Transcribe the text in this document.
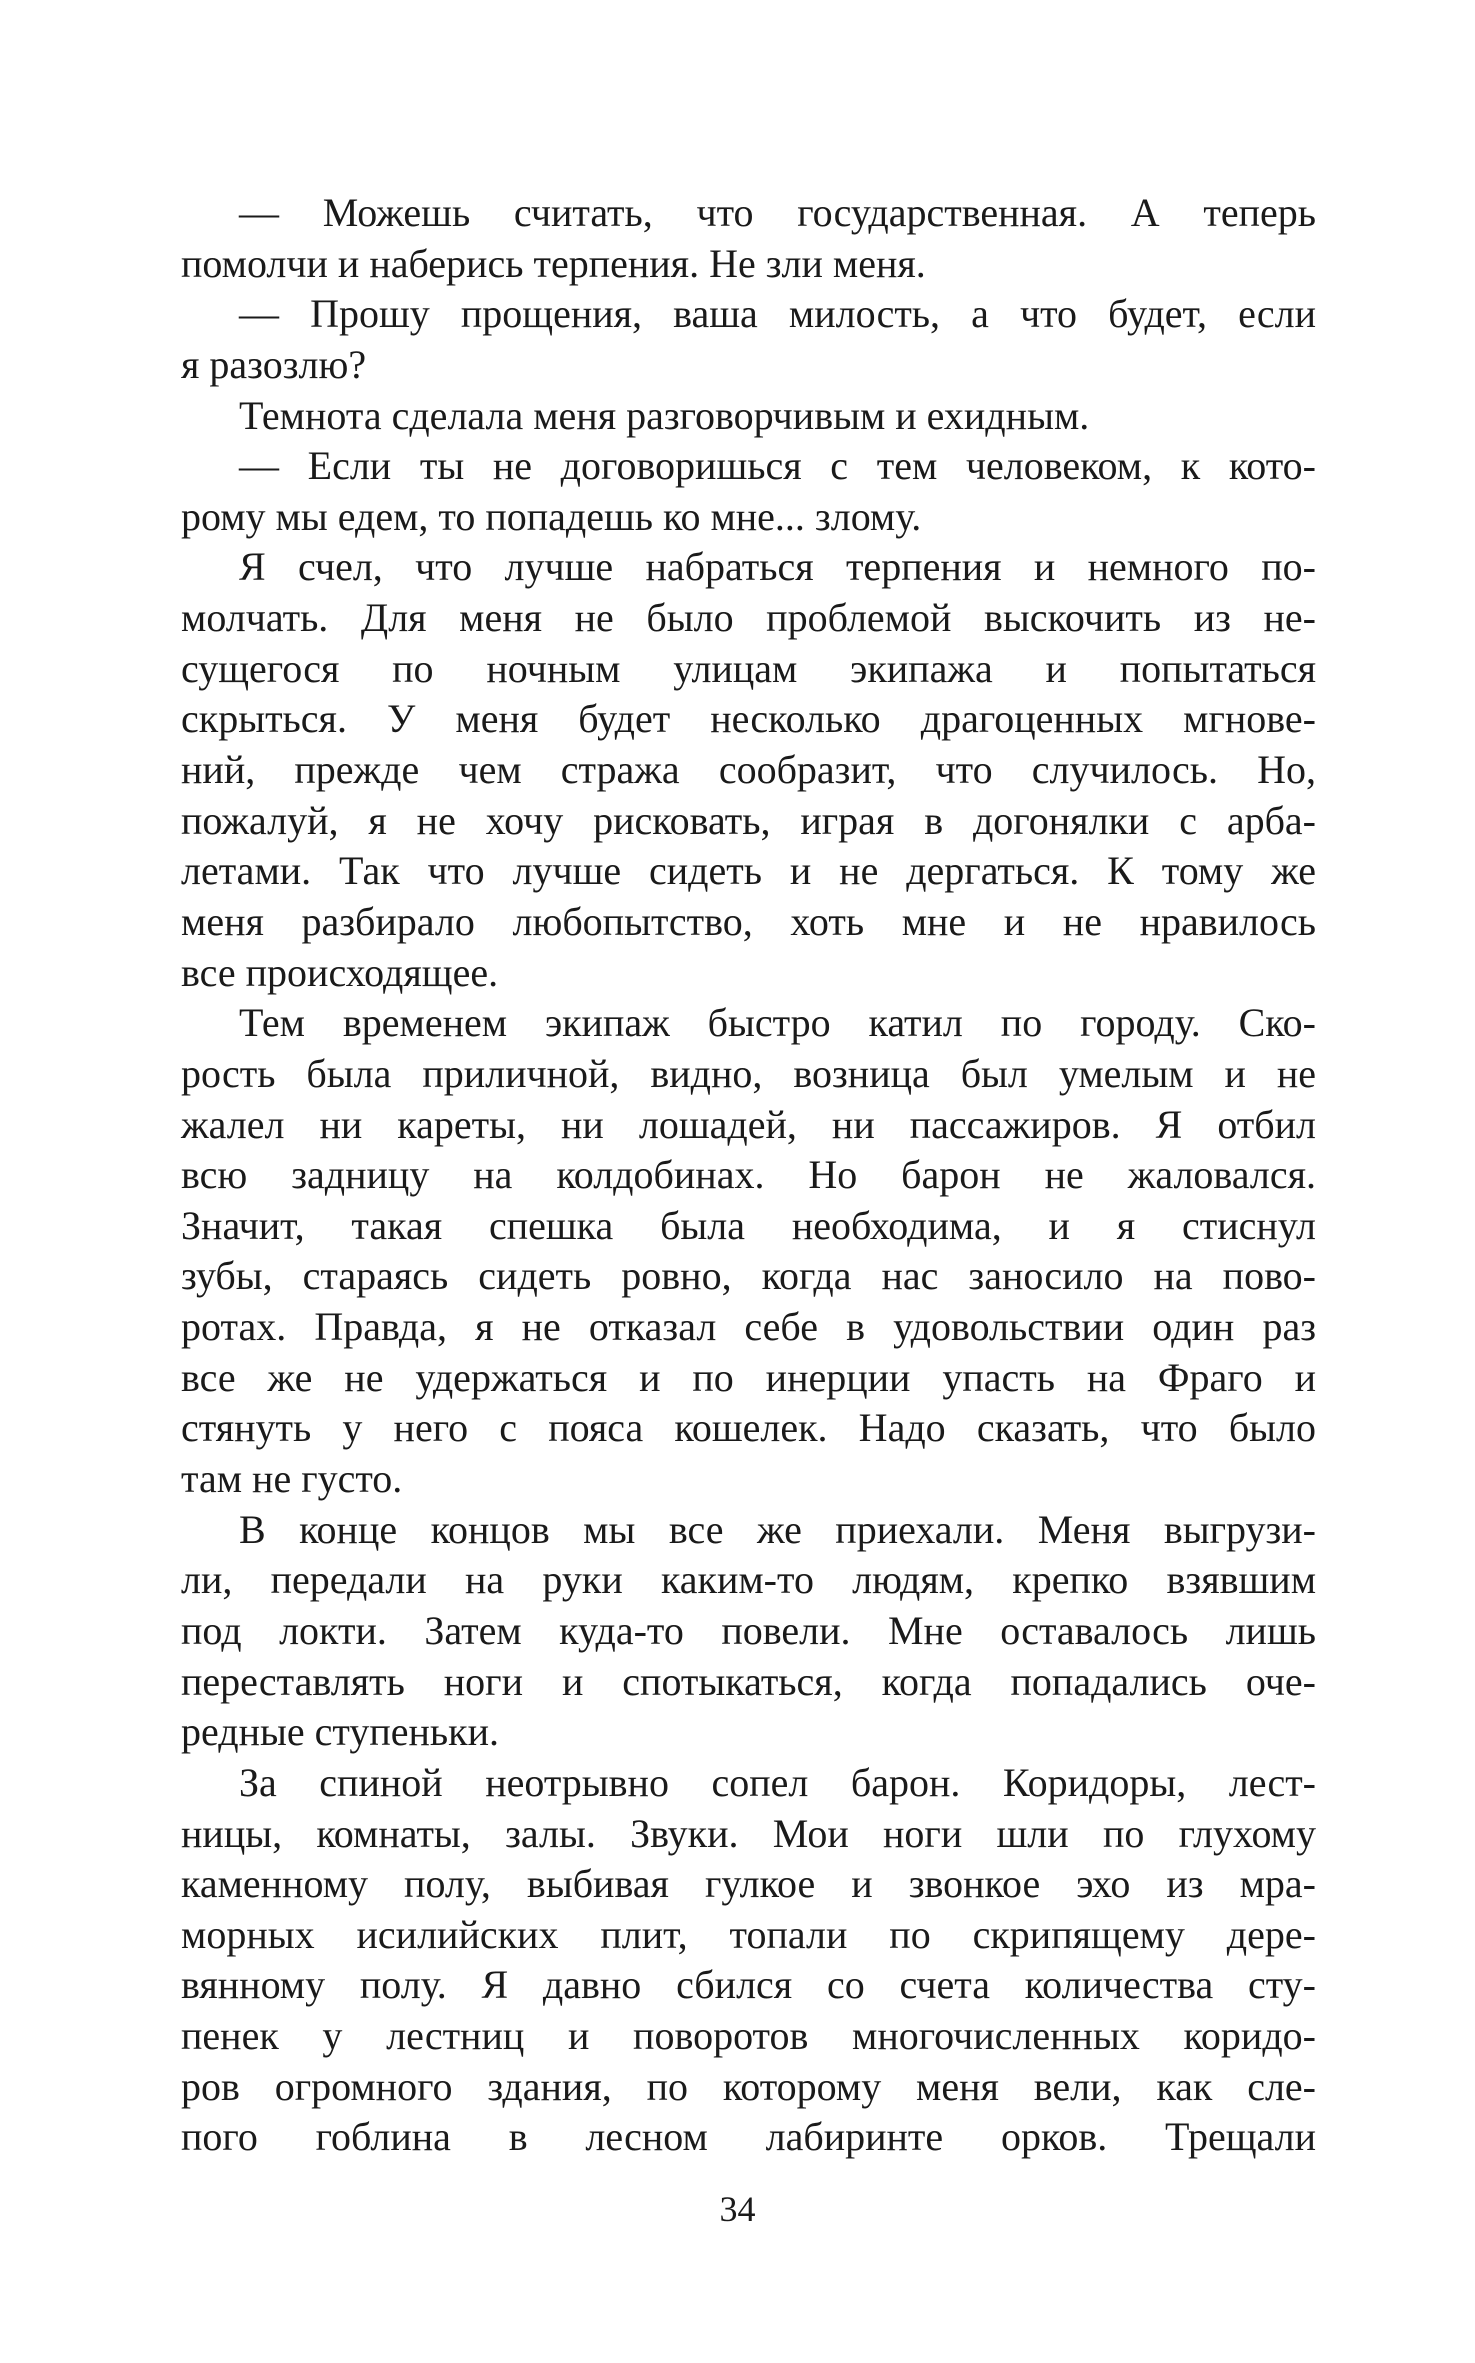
— Можешь считать, что государственная. А теперь
помолчи и наберись терпения. Не зли меня.
— Прошу прощения, ваша милость, а что будет, если
я разозлю?
Темнота сделала меня разговорчивым и ехидным.
— Если ты не договоришься с тем человеком, к кото-
рому мы едем, то попадешь ко мне... злому.
Я счел, что лучше набраться терпения и немного по-
молчать. Для меня не было проблемой выскочить из не-
сущегося по ночным улицам экипажа и попытаться
скрыться. У меня будет несколько драгоценных мгнове-
ний, прежде чем стража сообразит, что случилось. Но,
пожалуй, я не хочу рисковать, играя в догонялки с арба-
летами. Так что лучше сидеть и не дергаться. К тому же
меня разбирало любопытство, хоть мне и не нравилось
все происходящее.
Тем временем экипаж быстро катил по городу. Ско-
рость была приличной, видно, возница был умелым и не
жалел ни кареты, ни лошадей, ни пассажиров. Я отбил
всю задницу на колдобинах. Но барон не жаловался.
Значит, такая спешка была необходима, и я стиснул
зубы, стараясь сидеть ровно, когда нас заносило на пово-
ротах. Правда, я не отказал себе в удовольствии один раз
все же не удержаться и по инерции упасть на Фраго и
стянуть у него с пояса кошелек. Надо сказать, что было
там не густо.
В конце концов мы все же приехали. Меня выгрузи-
ли, передали на руки каким-то людям, крепко взявшим
под локти. Затем куда-то повели. Мне оставалось лишь
переставлять ноги и спотыкаться, когда попадались оче-
редные ступеньки.
За спиной неотрывно сопел барон. Коридоры, лест-
ницы, комнаты, залы. Звуки. Мои ноги шли по глухому
каменному полу, выбивая гулкое и звонкое эхо из мра-
морных исилийских плит, топали по скрипящему дере-
вянному полу. Я давно сбился со счета количества сту-
пенек у лестниц и поворотов многочисленных коридо-
ров огромного здания, по которому меня вели, как сле-
пого гоблина в лесном лабиринте орков. Трещали
34
